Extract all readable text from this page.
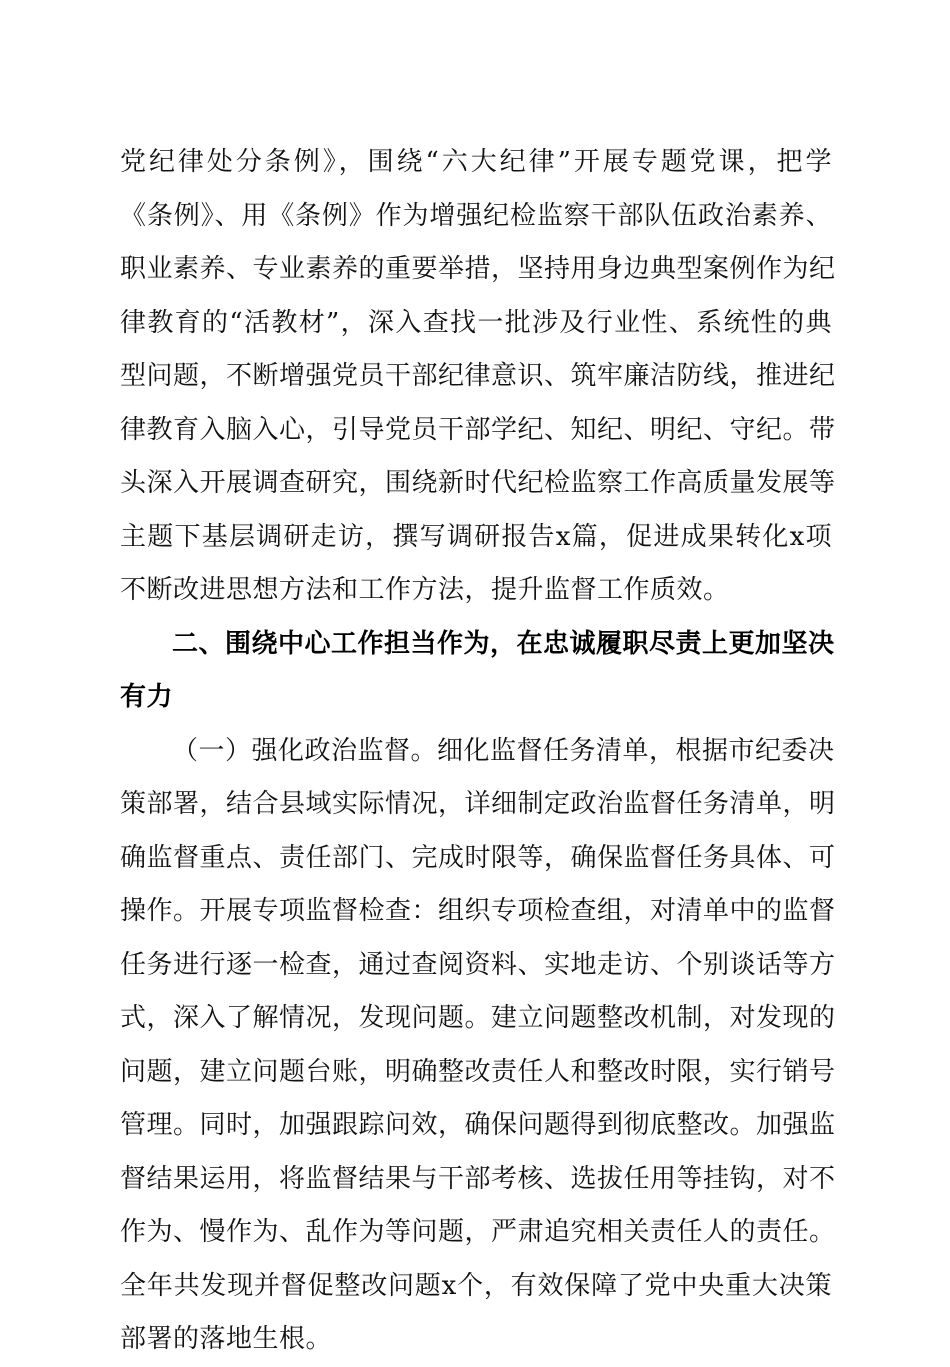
党纪律处分条例》，围绕“六大纪律”开展专题党课，把学
《条例》、用《条例》作为增强纪检监察干部队伍政治素养、
职业素养、专业素养的重要举措，坚持用身边典型案例作为纪
律教育的“活教材”，深入查找一批涉及行业性、系统性的典
型问题，不断增强党员干部纪律意识、筑牢廉洁防线，推进纪
律教育入脑入心，引导党员干部学纪、知纪、明纪、守纪。带
头深入开展调查研究，围绕新时代纪检监察工作高质量发展等
主题下基层调研走访，撰写调研报告x篇，促进成果转化x项
不断改进思想方法和工作方法，提升监督工作质效。
二、围绕中心工作担当作为，在忠诚履职尽责上更加坚决
有力
（一）强化政治监督。细化监督任务清单，根据市纪委决
策部署，结合县域实际情况，详细制定政治监督任务清单，明
确监督重点、责任部门、完成时限等，确保监督任务具体、可
操作。开展专项监督检查：组织专项检查组，对清单中的监督
任务进行逐一检查，通过查阅资料、实地走访、个别谈话等方
式，深入了解情况，发现问题。建立问题整改机制，对发现的
问题，建立问题台账，明确整改责任人和整改时限，实行销号
管理。同时，加强跟踪问效，确保问题得到彻底整改。加强监
督结果运用，将监督结果与干部考核、选拔任用等挂钩，对不
作为、慢作为、乱作为等问题，严肃追究相关责任人的责任。
全年共发现并督促整改问题x个，有效保障了党中央重大决策
部署的落地生根。
